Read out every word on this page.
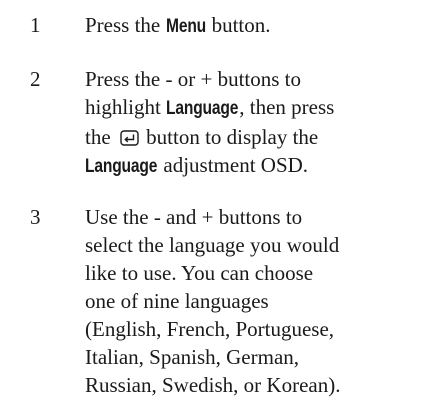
1 Press the Menu button.
2 Press the - or + buttons to
highlight Language, then press
the  button to display the
Language adjustment OSD.
3 Use the - and + buttons to
select the language you would
like to use. You can choose
one of nine languages
(English, French, Portuguese,
Italian, Spanish, German,
Russian, Swedish, or Korean).
